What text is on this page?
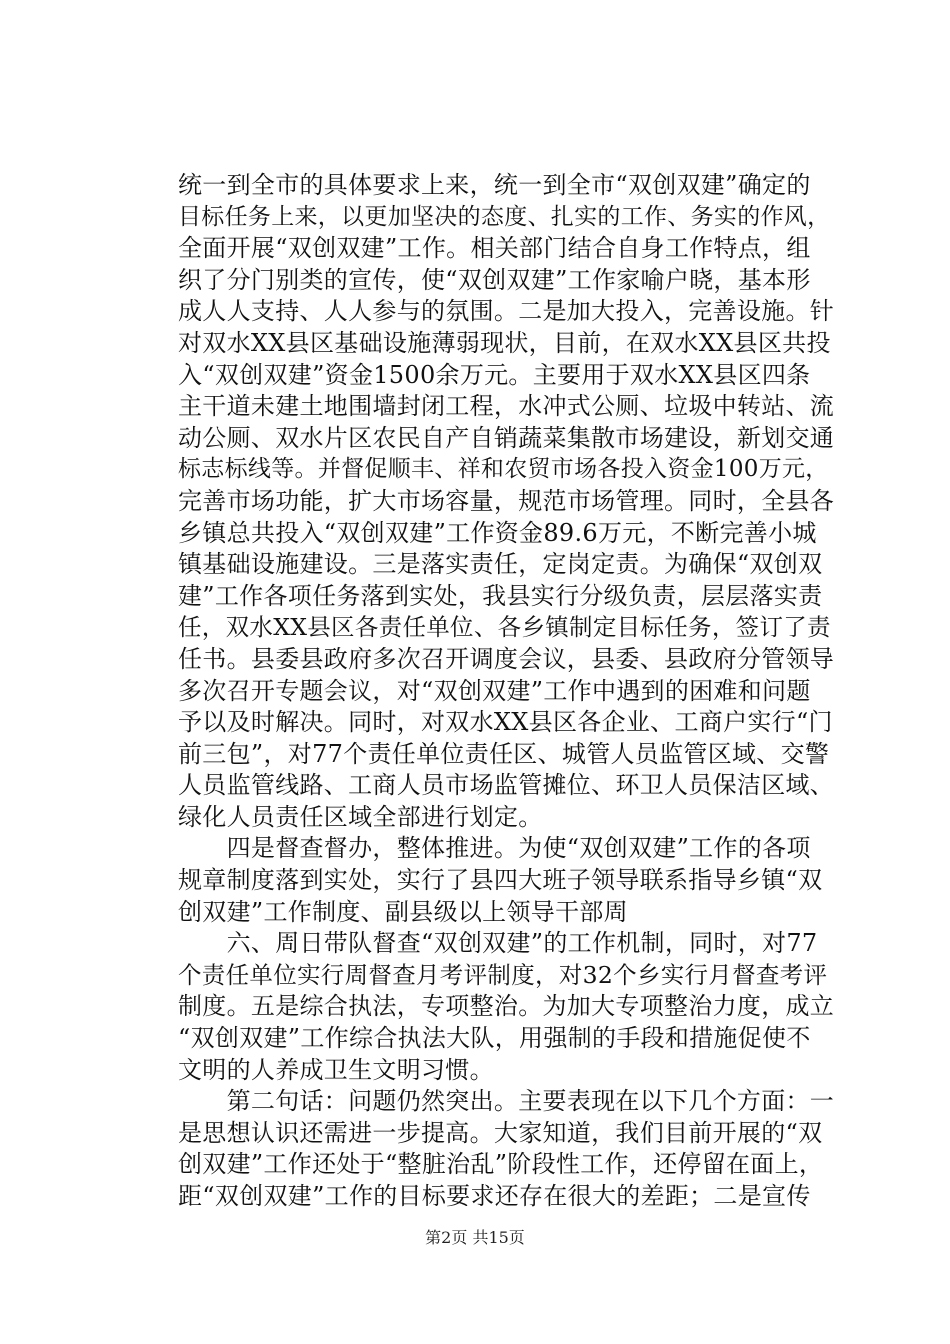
统一到全市的具体要求上来，统一到全市“双创双建”确定的
目标任务上来，以更加坚决的态度、扎实的工作、务实的作风，
全面开展“双创双建”工作。相关部门结合自身工作特点，组
织了分门别类的宣传，使“双创双建”工作家喻户晓，基本形
成人人支持、人人参与的氛围。二是加大投入，完善设施。针
对双水XX县区基础设施薄弱现状，目前，在双水XX县区共投
入“双创双建”资金1500余万元。主要用于双水XX县区四条
主干道未建土地围墙封闭工程，水冲式公厕、垃圾中转站、流
动公厕、双水片区农民自产自销蔬菜集散市场建设，新划交通
标志标线等。并督促顺丰、祥和农贸市场各投入资金100万元，
完善市场功能，扩大市场容量，规范市场管理。同时，全县各
乡镇总共投入“双创双建”工作资金89.6万元，不断完善小城
镇基础设施建设。三是落实责任，定岗定责。为确保“双创双
建”工作各项任务落到实处，我县实行分级负责，层层落实责
任，双水XX县区各责任单位、各乡镇制定目标任务，签订了责
任书。县委县政府多次召开调度会议，县委、县政府分管领导
多次召开专题会议，对“双创双建”工作中遇到的困难和问题
予以及时解决。同时，对双水XX县区各企业、工商户实行“门
前三包”，对77个责任单位责任区、城管人员监管区域、交警
人员监管线路、工商人员市场监管摊位、环卫人员保洁区域、
绿化人员责任区域全部进行划定。
　　四是督查督办，整体推进。为使“双创双建”工作的各项
规章制度落到实处，实行了县四大班子领导联系指导乡镇“双
创双建”工作制度、副县级以上领导干部周
　　六、周日带队督查“双创双建”的工作机制，同时，对77
个责任单位实行周督查月考评制度，对32个乡实行月督查考评
制度。五是综合执法，专项整治。为加大专项整治力度，成立
“双创双建”工作综合执法大队，用强制的手段和措施促使不
文明的人养成卫生文明习惯。
　　第二句话：问题仍然突出。主要表现在以下几个方面：一
是思想认识还需进一步提高。大家知道，我们目前开展的“双
创双建”工作还处于“整脏治乱”阶段性工作，还停留在面上，
距“双创双建”工作的目标要求还存在很大的差距；二是宣传
第2页 共15页
